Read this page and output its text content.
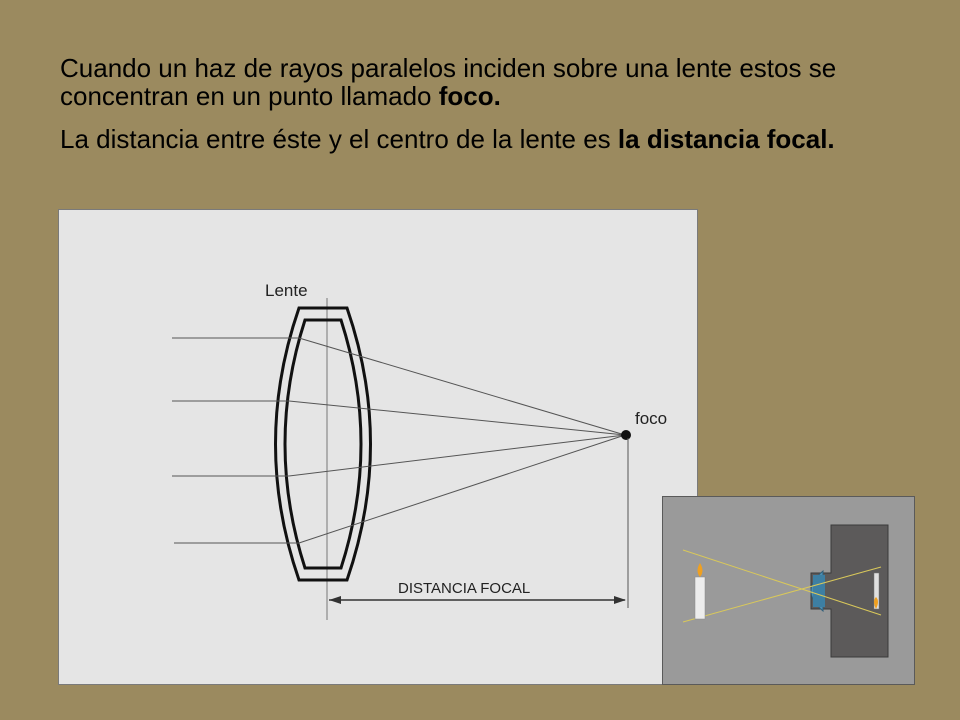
Cuando un haz de rayos paralelos inciden sobre una lente estos se concentran en un punto llamado foco.

La distancia entre éste y el centro de la lente es la distancia focal.

Lente
foco
DISTANCIA FOCAL
